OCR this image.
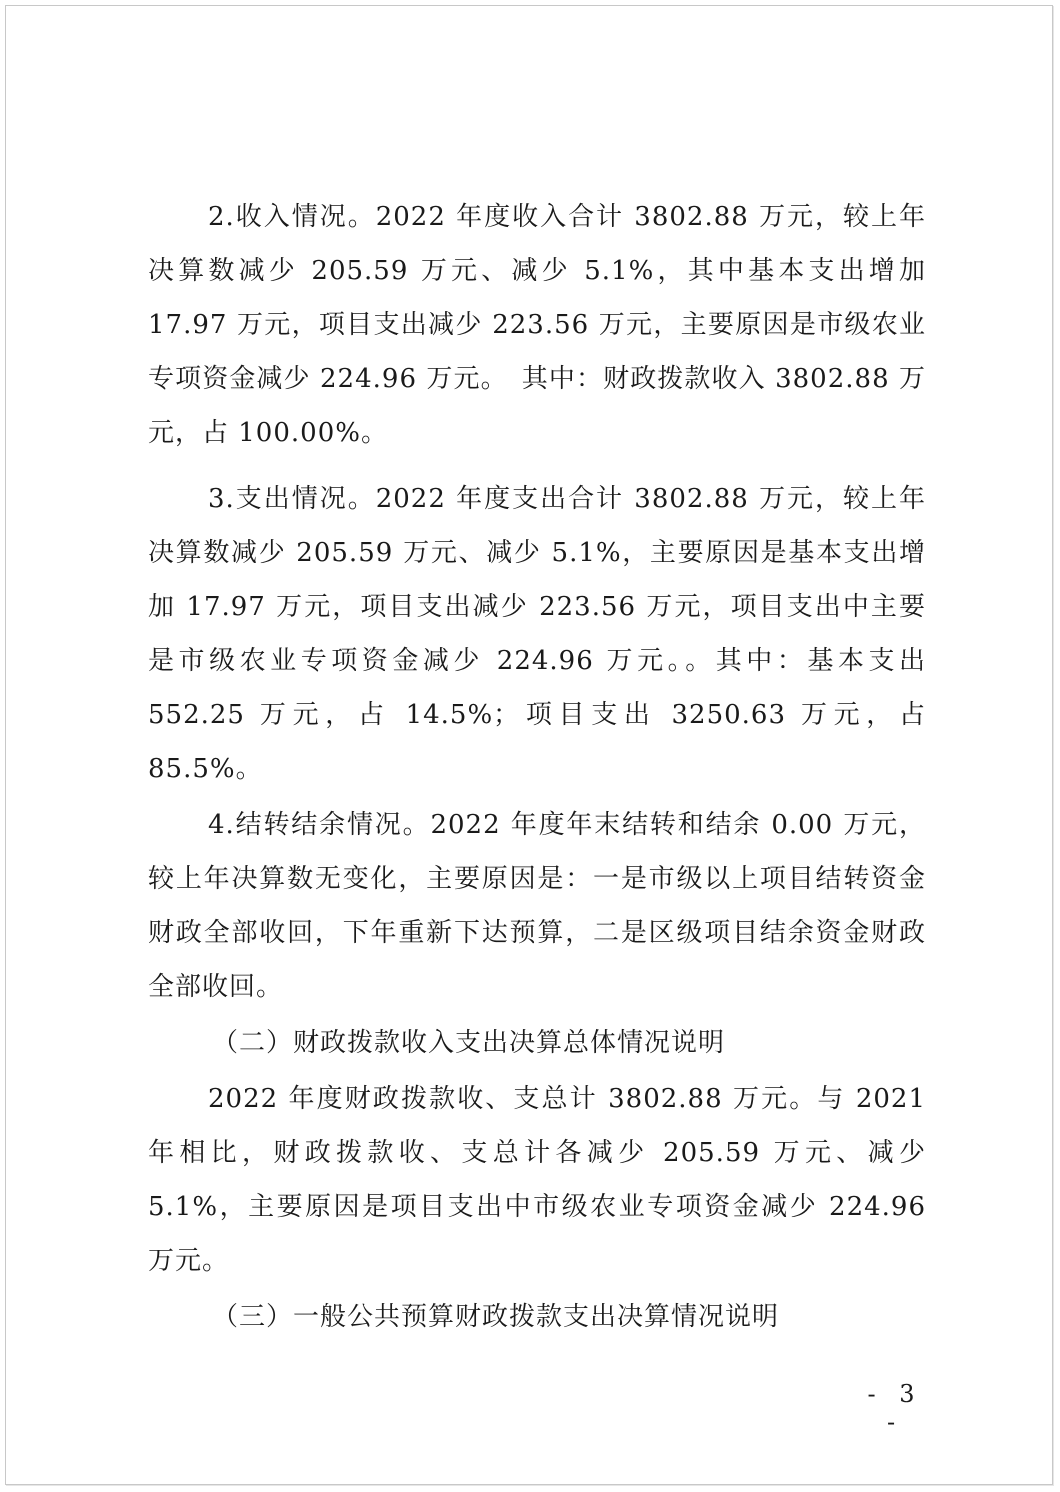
2.收入情况。2022 年度收入合计 3802.88 万元，较上年决算数减少 205.59 万元、减少 5.1%，其中基本支出增加 17.97 万元，项目支出减少 223.56 万元，主要原因是市级农业专项资金减少 224.96 万元。　其中：财政拨款收入 3802.88 万元，占 100.00%。

3.支出情况。2022 年度支出合计 3802.88 万元，较上年决算数减少 205.59 万元、减少 5.1%，主要原因是基本支出增加 17.97 万元，项目支出减少 223.56 万元，项目支出中主要是市级农业专项资金减少 224.96 万元。。其中：基本支出 552.25 万元，占 14.5%；项目支出 3250.63 万元，占 85.5%。

4.结转结余情况。2022 年度年末结转和结余 0.00 万元，较上年决算数无变化，主要原因是：一是市级以上项目结转资金财政全部收回，下年重新下达预算，二是区级项目结余资金财政全部收回。

（二）财政拨款收入支出决算总体情况说明

2022 年度财政拨款收、支总计 3802.88 万元。与 2021 年相比，财政拨款收、支总计各减少 205.59 万元、减少 5.1%，主要原因是项目支出中市级农业专项资金减少 224.96 万元。

（三）一般公共预算财政拨款支出决算情况说明

- 3 -
